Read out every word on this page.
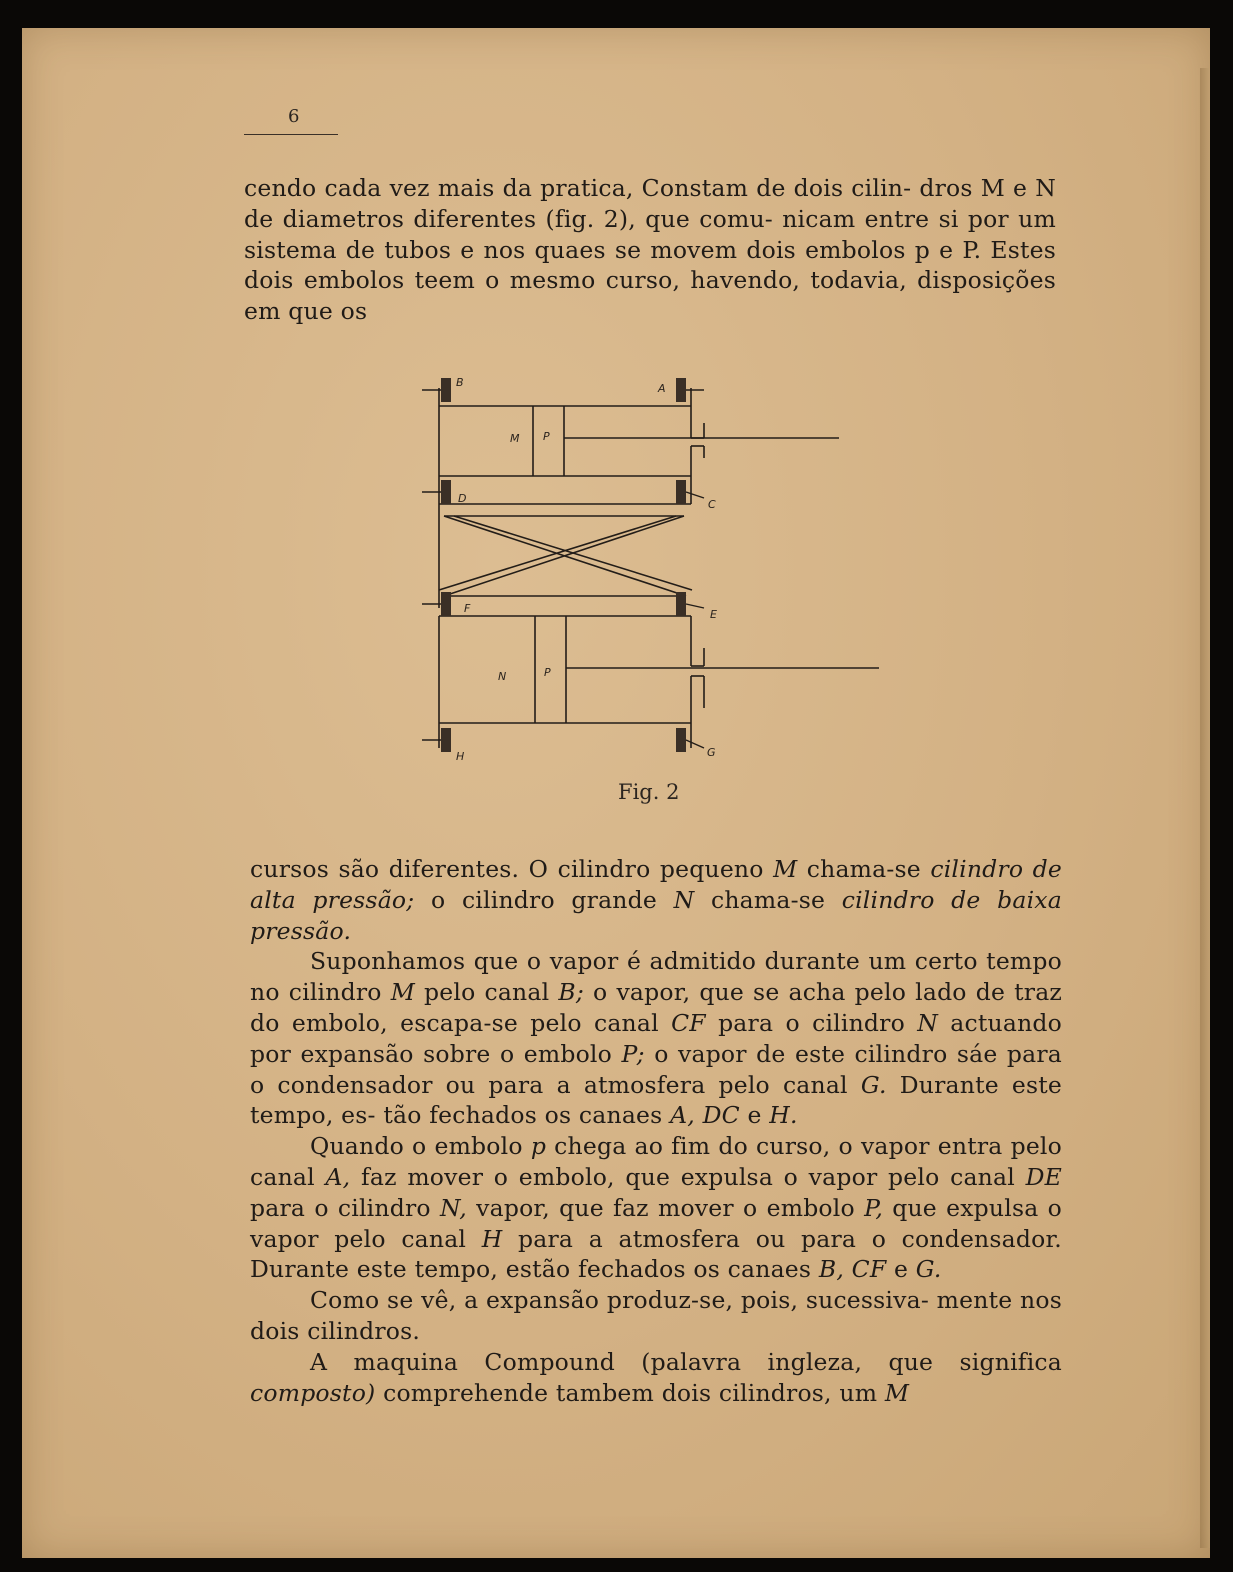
6

cendo cada vez mais da pratica, Constam de dois cilin- dros M e N de diametros diferentes (fig. 2), que comu- nicam entre si por um sistema de tubos e nos quaes se movem dois embolos p e P. Estes dois embolos teem o mesmo curso, havendo, todavia, disposições em que os

B	A
M P
D	C
F	E
N	P
H	G
Fig. 2

cursos são diferentes. O cilindro pequeno M chama-se cilindro de alta pressão; o cilindro grande N chama-se cilindro de baixa pressão.

Suponhamos que o vapor é admitido durante um certo tempo no cilindro M pelo canal B; o vapor, que se acha pelo lado de traz do embolo, escapa-se pelo canal CF para o cilindro N actuando por expansão sobre o embolo P; o vapor de este cilindro sáe para o condensador ou para a atmosfera pelo canal G. Durante este tempo, es- tão fechados os canaes A, DC e H.

Quando o embolo p chega ao fim do curso, o vapor entra pelo canal A, faz mover o embolo, que expulsa o vapor pelo canal DE para o cilindro N, vapor, que faz mover o embolo P, que expulsa o vapor pelo canal H para a atmosfera ou para o condensador. Durante este tempo, estão fechados os canaes B, CF e G.

Como se vê, a expansão produz-se, pois, sucessiva- mente nos dois cilindros.

A maquina Compound (palavra ingleza, que significa composto) comprehende tambem dois cilindros, um M
